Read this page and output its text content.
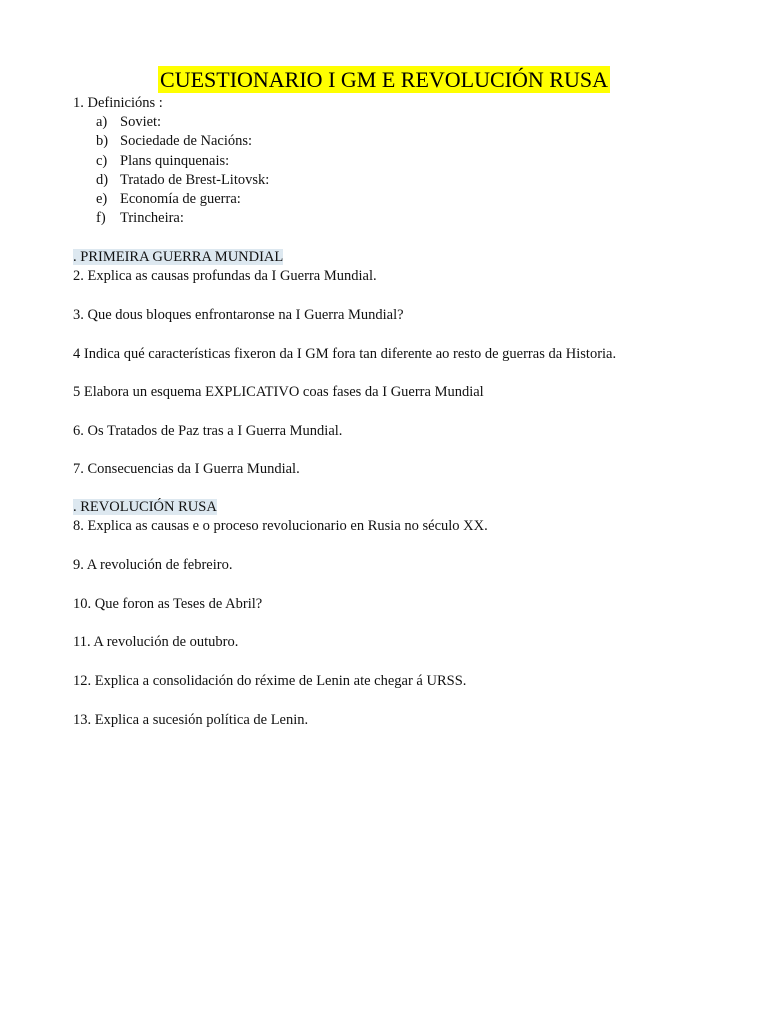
CUESTIONARIO I GM E REVOLUCIÓN RUSA
1. Definicións :
a) Soviet:
b) Sociedade de Nacións:
c) Plans quinquenais:
d) Tratado de Brest-Litovsk:
e) Economía de guerra:
f) Trincheira:
. PRIMEIRA GUERRA MUNDIAL
2. Explica as causas profundas da I Guerra Mundial.
3. Que dous bloques enfrontaronse na I Guerra Mundial?
4 Indica qué características fixeron da I GM fora tan diferente ao resto de guerras da Historia.
5 Elabora un esquema EXPLICATIVO coas fases da I Guerra Mundial
6. Os Tratados de Paz tras a I Guerra Mundial.
7. Consecuencias da I Guerra Mundial.
. REVOLUCIÓN RUSA
8. Explica as causas e o proceso revolucionario en Rusia no século XX.
9. A revolución de febreiro.
10. Que foron as Teses de Abril?
11. A revolución de outubro.
12. Explica a consolidación do réxime de Lenin ate chegar á URSS.
13. Explica a sucesión política de Lenin.
